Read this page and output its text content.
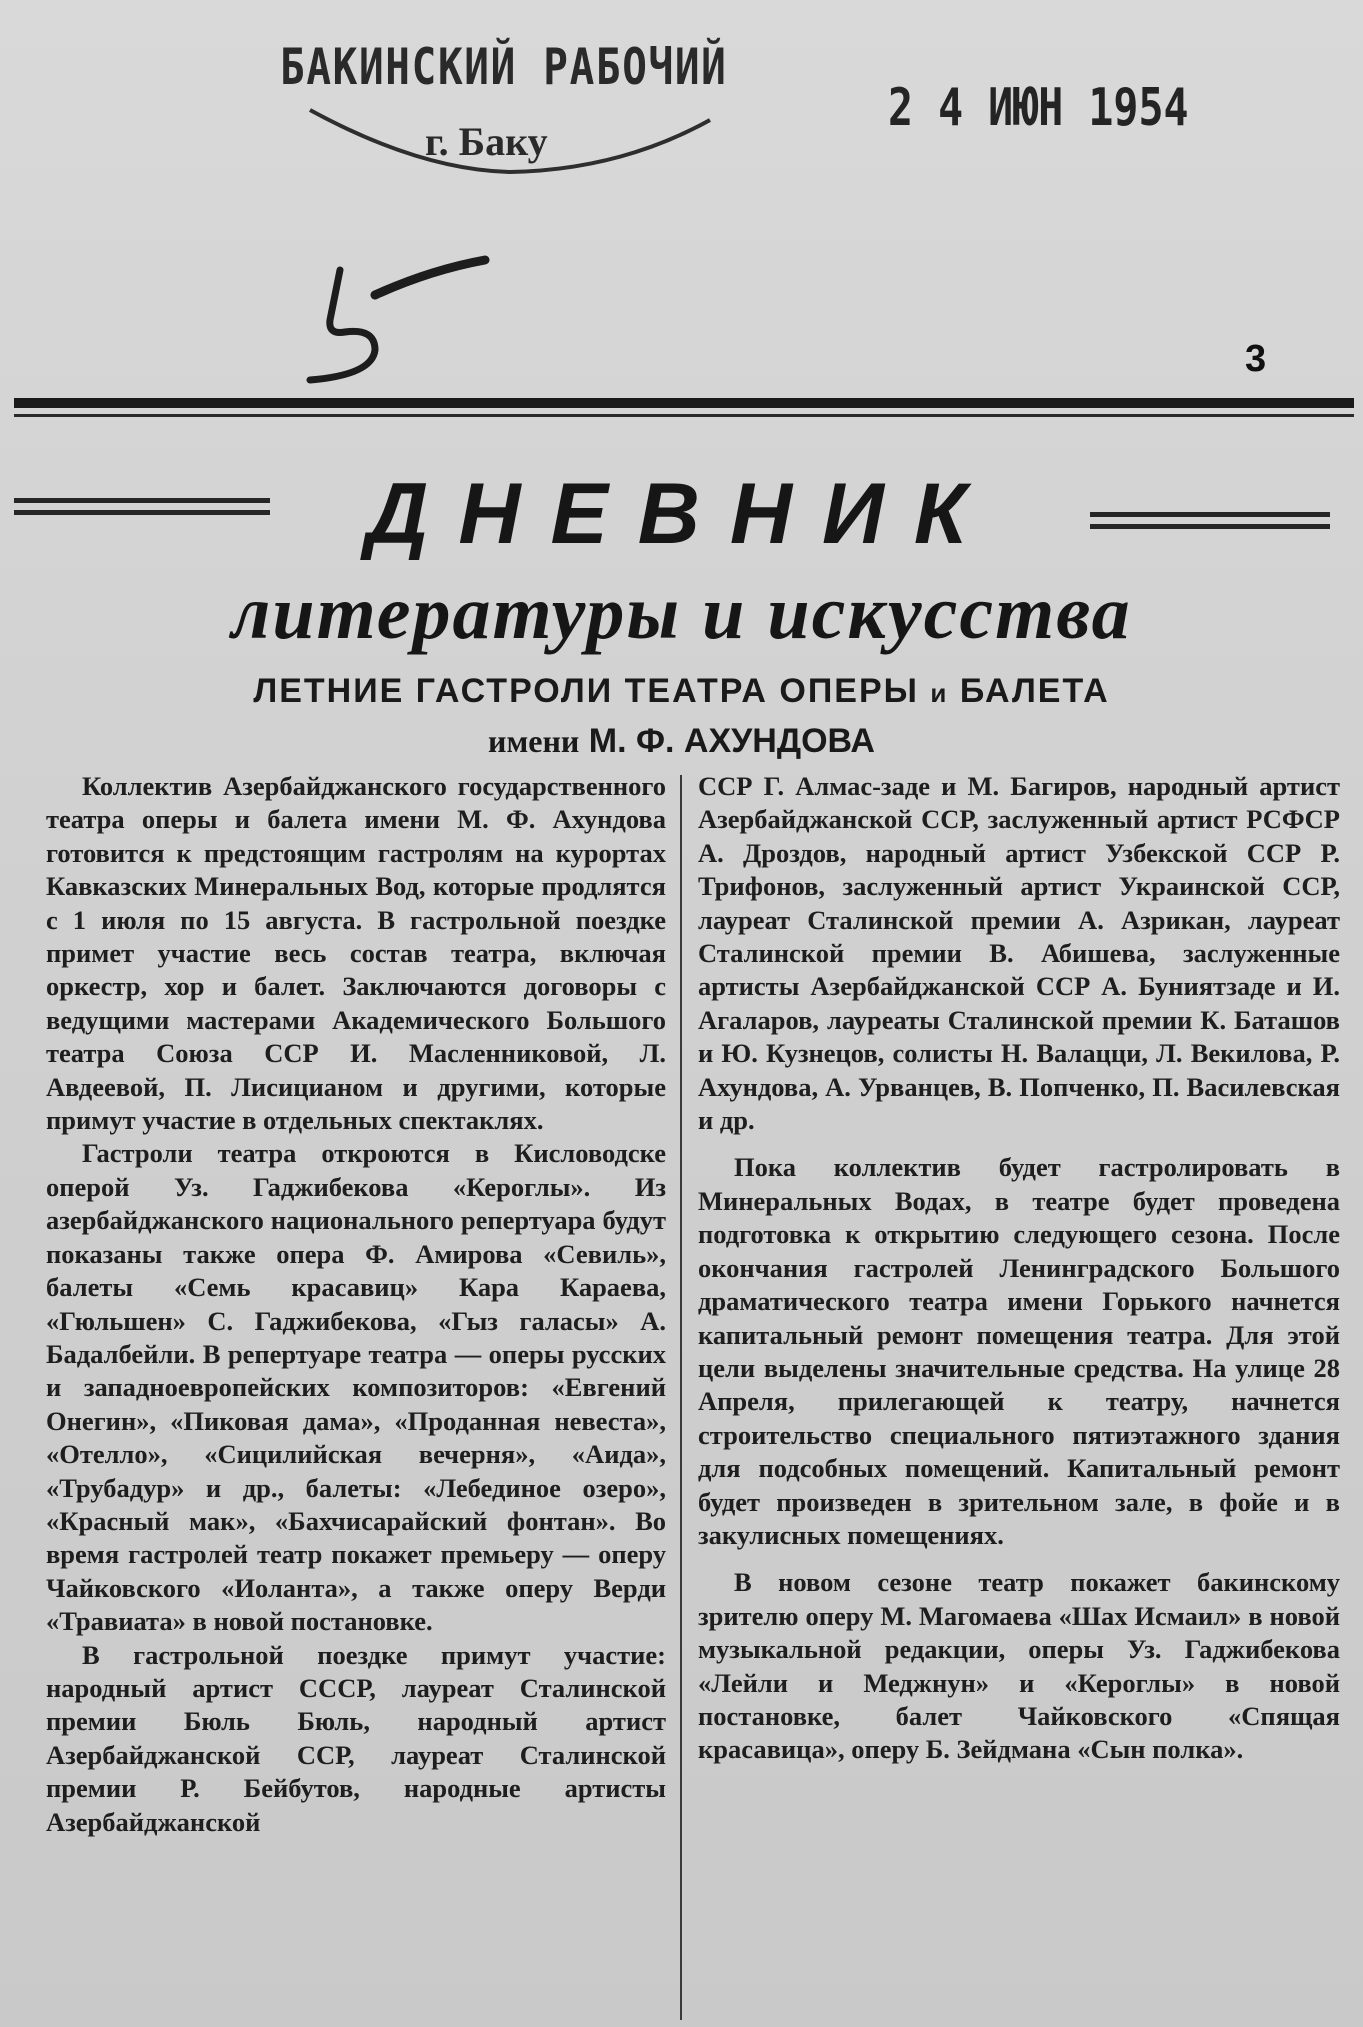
БАКИНСКИЙ РАБОЧИЙ
г. Баку
2 4 ИЮН 1954
3
ДНЕВНИК
литературы и искусства
ЛЕТНИЕ ГАСТРОЛИ ТЕАТРА ОПЕРЫ и БАЛЕТА
имени М. Ф. АХУНДОВА

Коллектив Азербайджанского государственного театра оперы и балета имени М. Ф. Ахундова готовится к предстоящим гастролям на курортах Кавказских Минеральных Вод, которые продлятся с 1 июля по 15 августа. В гастрольной поездке примет участие весь состав театра, включая оркестр, хор и балет. Заключаются договоры с ведущими мастерами Академического Большого театра Союза ССР И. Масленниковой, Л. Авдеевой, П. Лисицианом и другими, которые примут участие в отдельных спектаклях.

Гастроли театра откроются в Кисловодске оперой Уз. Гаджибекова «Кероглы». Из азербайджанского национального репертуара будут показаны также опера Ф. Амирова «Севиль», балеты «Семь красавиц» Кара Караева, «Гюльшен» С. Гаджибекова, «Гыз галасы» А. Бадалбейли. В репертуаре театра — оперы русских и западноевропейских композиторов: «Евгений Онегин», «Пиковая дама», «Проданная невеста», «Отелло», «Сицилийская вечерня», «Аида», «Трубадур» и др., балеты: «Лебединое озеро», «Красный мак», «Бахчисарайский фонтан». Во время гастролей театр покажет премьеру — оперу Чайковского «Иоланта», а также оперу Верди «Травиата» в новой постановке.

В гастрольной поездке примут участие: народный артист СССР, лауреат Сталинской премии Бюль Бюль, народный артист Азербайджанской ССР, лауреат Сталинской премии Р. Бейбутов, народные артисты Азербайджанской

ССР Г. Алмас-заде и М. Багиров, народный артист Азербайджанской ССР, заслуженный артист РСФСР А. Дроздов, народный артист Узбекской ССР Р. Трифонов, заслуженный артист Украинской ССР, лауреат Сталинской премии А. Азрикан, лауреат Сталинской премии В. Абишева, заслуженные артисты Азербайджанской ССР А. Буниятзаде и И. Агаларов, лауреаты Сталинской премии К. Баташов и Ю. Кузнецов, солисты Н. Валацци, Л. Векилова, Р. Ахундова, А. Урванцев, В. Попченко, П. Василевская и др.

Пока коллектив будет гастролировать в Минеральных Водах, в театре будет проведена подготовка к открытию следующего сезона. После окончания гастролей Ленинградского Большого драматического театра имени Горького начнется капитальный ремонт помещения театра. Для этой цели выделены значительные средства. На улице 28 Апреля, прилегающей к театру, начнется строительство специального пятиэтажного здания для подсобных помещений. Капитальный ремонт будет произведен в зрительном зале, в фойе и в закулисных помещениях.

В новом сезоне театр покажет бакинскому зрителю оперу М. Магомаева «Шах Исмаил» в новой музыкальной редакции, оперы Уз. Гаджибекова «Лейли и Меджнун» и «Кероглы» в новой постановке, балет Чайковского «Спящая красавица», оперу Б. Зейдмана «Сын полка».
